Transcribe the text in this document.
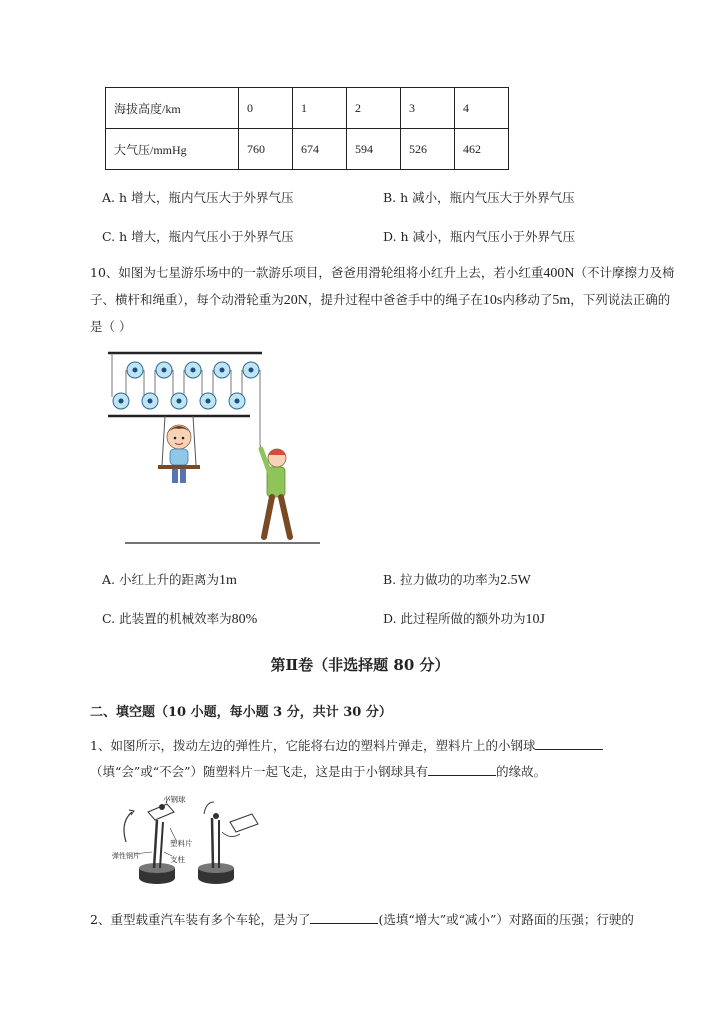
海拔高度/km	0	1	2	3	4
大气压/mmHg	760	674	594	526	462
A. h 增大，瓶内气压大于外界气压	B. h 减小，瓶内气压大于外界气压
C. h 增大，瓶内气压小于外界气压	D. h 减小，瓶内气压小于外界气压
10、如图为七星游乐场中的一款游乐项目，爸爸用滑轮组将小红升上去，若小红重400N（不计摩擦力及椅子、横杆和绳重），每个动滑轮重为20N，提升过程中爸爸手中的绳子在10s内移动了5m，下列说法正确的是（ ）
A. 小红上升的距离为1m	B. 拉力做功的功率为2.5W
C. 此装置的机械效率为80%	D. 此过程所做的额外功为10J
第Ⅱ卷（非选择题 80 分）
二、填空题（10 小题，每小题 3 分，共计 30 分）
1、如图所示，拨动左边的弹性片，它能将右边的塑料片弹走，塑料片上的小钢球（填“会”或“不会”）随塑料片一起飞走，这是由于小钢球具有	的缘故。
小钢球
塑料片
弹性钢片	支柱
2、重型载重汽车装有多个车轮，是为了	(选填“增大”或“减小”）对路面的压强；行驶的
